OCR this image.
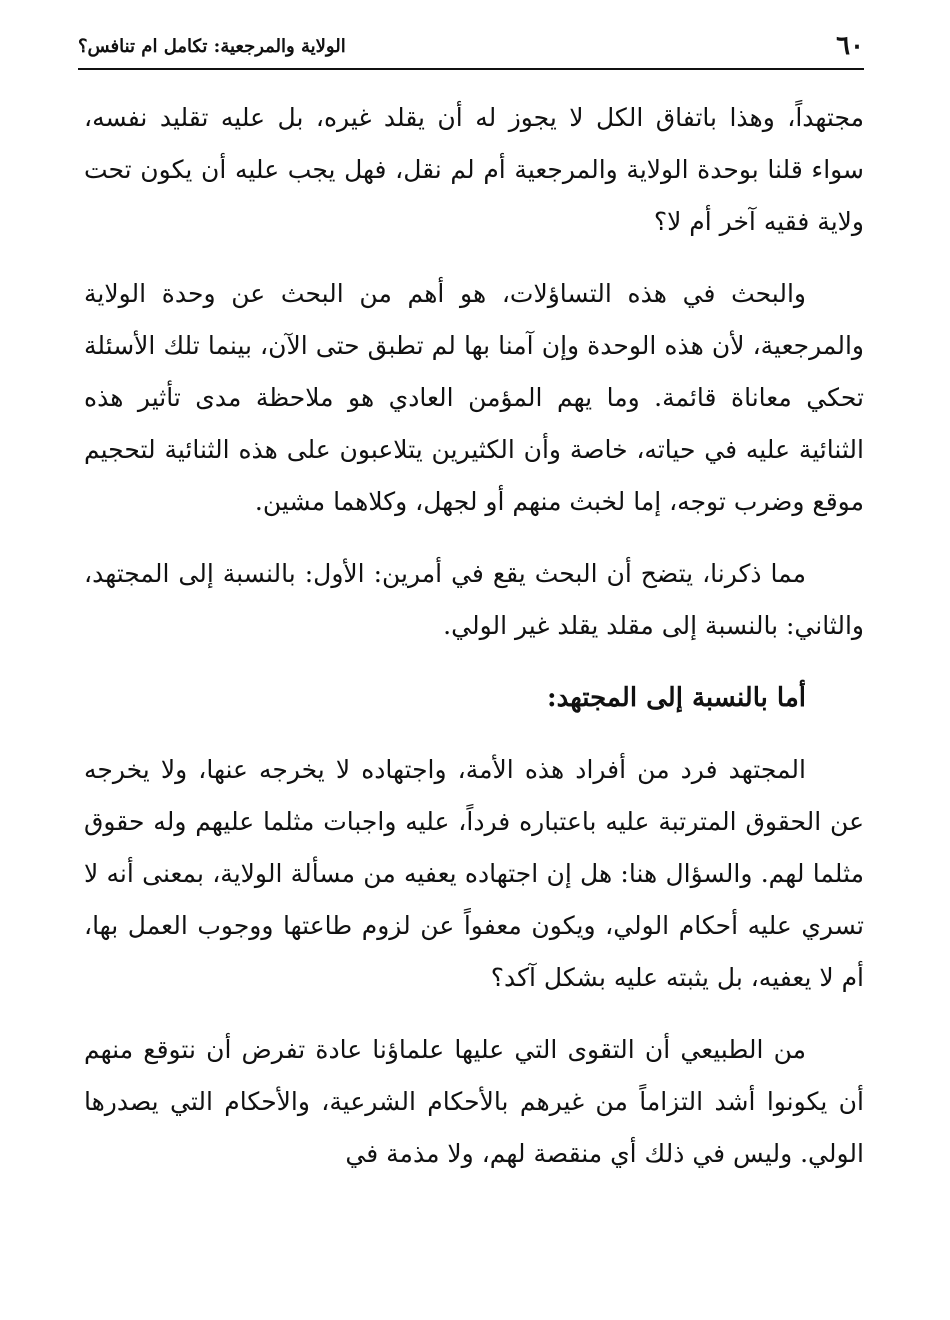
٦٠
الولاية والمرجعية: تكامل ام تنافس؟

مجتهداً، وهذا باتفاق الكل لا يجوز له أن يقلد غيره، بل عليه تقليد نفسه، سواء قلنا بوحدة الولاية والمرجعية أم لم نقل، فهل يجب عليه أن يكون تحت ولاية فقيه آخر أم لا؟

والبحث في هذه التساؤلات، هو أهم من البحث عن وحدة الولاية والمرجعية، لأن هذه الوحدة وإن آمنا بها لم تطبق حتى الآن، بينما تلك الأسئلة تحكي معاناة قائمة. وما يهم المؤمن العادي هو ملاحظة مدى تأثير هذه الثنائية عليه في حياته، خاصة وأن الكثيرين يتلاعبون على هذه الثنائية لتحجيم موقع وضرب توجه، إما لخبث منهم أو لجهل، وكلاهما مشين.

مما ذكرنا، يتضح أن البحث يقع في أمرين: الأول: بالنسبة إلى المجتهد، والثاني: بالنسبة إلى مقلد يقلد غير الولي.

أما بالنسبة إلى المجتهد:

المجتهد فرد من أفراد هذه الأمة، واجتهاده لا يخرجه عنها، ولا يخرجه عن الحقوق المترتبة عليه باعتباره فرداً، عليه واجبات مثلما عليهم وله حقوق مثلما لهم. والسؤال هنا: هل إن اجتهاده يعفيه من مسألة الولاية، بمعنى أنه لا تسري عليه أحكام الولي، ويكون معفواً عن لزوم طاعتها ووجوب العمل بها، أم لا يعفيه، بل يثبته عليه بشكل آكد؟

من الطبيعي أن التقوى التي عليها علماؤنا عادة تفرض أن نتوقع منهم أن يكونوا أشد التزاماً من غيرهم بالأحكام الشرعية، والأحكام التي يصدرها الولي. وليس في ذلك أي منقصة لهم، ولا مذمة في
